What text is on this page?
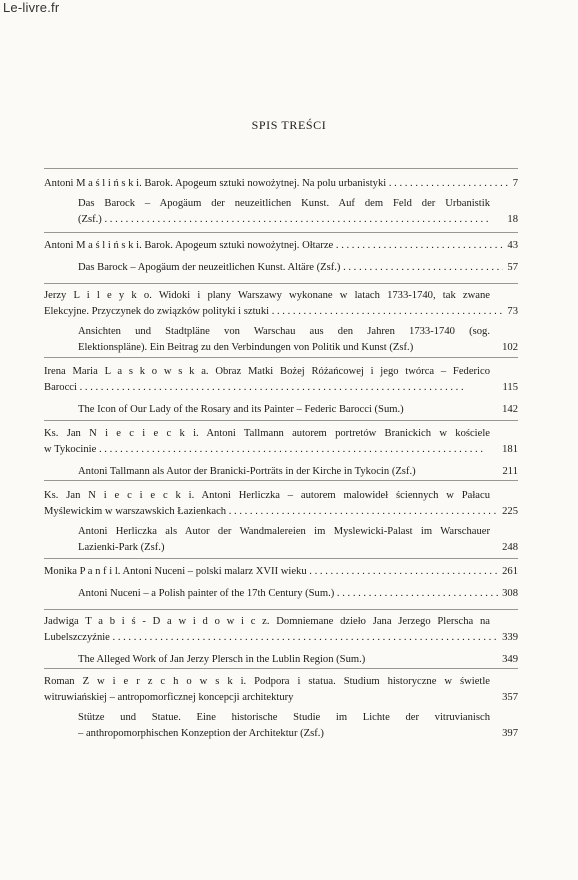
Le-livre.fr
SPIS TREŚCI
Antoni M a ś l i ń s k i. Barok. Apogeum sztuki nowożytnej. Na polu urbanistyki	7
. . .
Das Barock – Apogäum der neuzeitlichen Kunst. Auf dem Feld der Urbanistik
(Zsf.)	18
. . .
Antoni M a ś l i ń s k i. Barok. Apogeum sztuki nowożytnej. Ołtarze	43
. . .
Das Barock – Apogäum der neuzeitlichen Kunst. Altäre (Zsf.)	57
. . .
Jerzy L i l e y k o. Widoki i plany Warszawy wykonane w latach 1733-1740, tak zwane
Elekcyjne. Przyczynek do związków polityki i sztuki	73
. . .
Ansichten und Stadtpläne von Warschau aus den Jahren 1733-1740 (sog.
Elektionspläne). Ein Beitrag zu den Verbindungen von Politik und Kunst (Zsf.)	102
Irena Maria L a s k o w s k a. Obraz Matki Bożej Różańcowej i jego twórca – Federico
Barocci	115
. . .
The Icon of Our Lady of the Rosary and its Painter – Federic Barocci (Sum.)	142
Ks. Jan N i e c i e c k i. Antoni Tallmann autorem portretów Branickich w kościele
w Tykocinie	181
. . .
Antoni Tallmann als Autor der Branicki-Porträts in der Kirche in Tykocin (Zsf.)	211
Ks. Jan N i e c i e c k i. Antoni Herliczka – autorem malowideł ściennych w Pałacu
Myślewickim w warszawskich Łazienkach	225
. . .
Antoni Herliczka als Autor der Wandmalereien im Myslewicki-Palast im Warschauer
Lazienki-Park (Zsf.)	248
Monika P a n f i l. Antoni Nuceni – polski malarz XVII wieku	261
. . .
Antoni Nuceni – a Polish painter of the 17th Century (Sum.)	308
. . .
Jadwiga T a b i ś - D a w i d o w i c z. Domniemane dzieło Jana Jerzego Plerscha na
Lubelszczyźnie	339
. . .
The Alleged Work of Jan Jerzy Plersch in the Lublin Region (Sum.)	349
Roman Z w i e r z c h o w s k i. Podpora i statua. Studium historyczne w świetle
witruwiańskiej – antropomorficznej koncepcji architektury	357
Stütze und Statue. Eine historische Studie im Lichte der vitruvianisch
– anthropomorphischen Konzeption der Architektur (Zsf.)	397
